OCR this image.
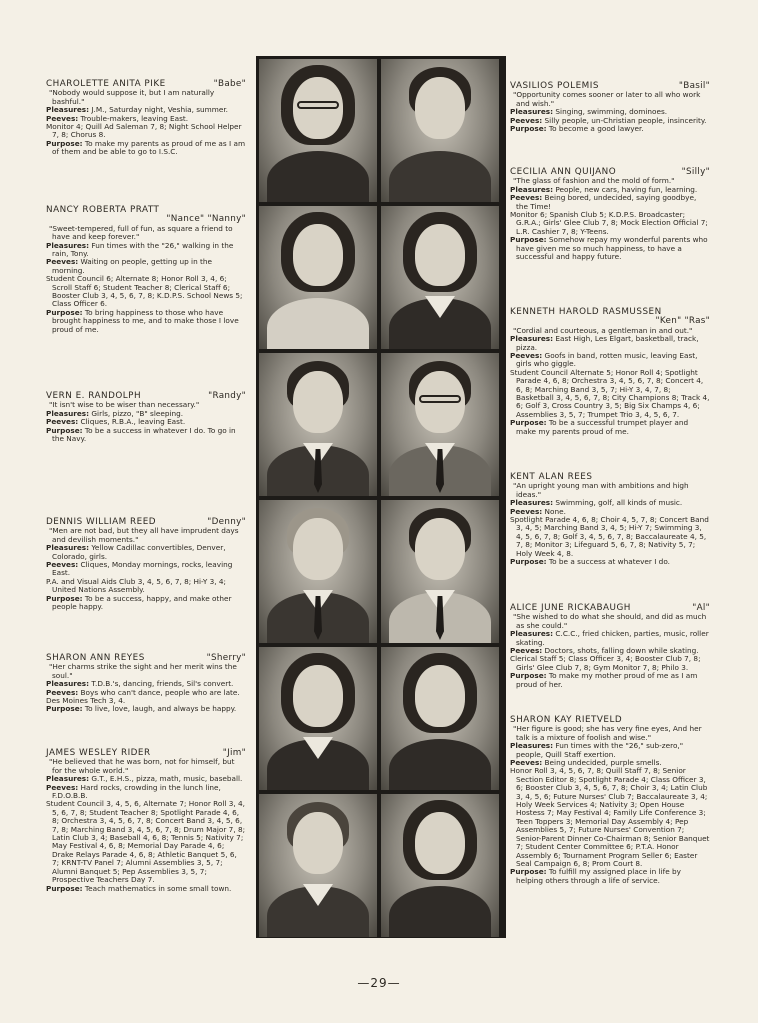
CHAROLETTE ANITA PIKE	"Babe"
"Nobody would suppose it, but I am naturally bashful."
Pleasures: J.M., Saturday night, Veshia, summer.
Peeves: Trouble-makers, leaving East.
Monitor 4; Quill Ad Saleman 7, 8; Night School Helper 7, 8; Chorus 8.
Purpose: To make my parents as proud of me as I am of them and be able to go to I.S.C.
NANCY ROBERTA PRATT
"Nance" "Nanny"
"Sweet-tempered, full of fun, as square a friend to have and keep forever."
Pleasures: Fun times with the "26," walking in the rain, Tony.
Peeves: Waiting on people, getting up in the morning.
Student Council 6; Alternate 8; Honor Roll 3, 4, 6; Scroll Staff 6; Student Teacher 8; Clerical Staff 6; Booster Club 3, 4, 5, 6, 7, 8; K.D.P.S. School News 5; Class Officer 6.
Purpose: To bring happiness to those who have brought happiness to me, and to make those I love proud of me.
VERN E. RANDOLPH	"Randy"
"It isn't wise to be wiser than necessary."
Pleasures: Girls, pizzo, "B" sleeping.
Peeves: Cliques, R.B.A., leaving East.
Purpose: To be a success in whatever I do. To go in the Navy.
DENNIS WILLIAM REED	"Denny"
"Men are not bad, but they all have imprudent days and devilish moments."
Pleasures: Yellow Cadillac convertibles, Denver, Colorado, girls.
Peeves: Cliques, Monday mornings, rocks, leaving East.
P.A. and Visual Aids Club 3, 4, 5, 6, 7, 8; Hi-Y 3, 4; United Nations Assembly.
Purpose: To be a success, happy, and make other people happy.
SHARON ANN REYES	"Sherry"
"Her charms strike the sight and her merit wins the soul."
Pleasures: T.D.B.'s, dancing, friends, Sil's convert.
Peeves: Boys who can't dance, people who are late.
Des Moines Tech 3, 4.
Purpose: To live, love, laugh, and always be happy.
JAMES WESLEY RIDER	"Jim"
"He believed that he was born, not for himself, but for the whole world."
Pleasures: G.T., E.H.S., pizza, math, music, baseball.
Peeves: Hard rocks, crowding in the lunch line, F.D.O.B.B.
Student Council 3, 4, 5, 6, Alternate 7; Honor Roll 3, 4, 5, 6, 7, 8; Student Teacher 8; Spotlight Parade 4, 6, 8; Orchestra 3, 4, 5, 6, 7, 8; Concert Band 3, 4, 5, 6, 7, 8; Marching Band 3, 4, 5, 6, 7, 8; Drum Major 7, 8; Latin Club 3, 4; Baseball 4, 6, 8; Tennis 5; Nativity 7; May Festival 4, 6, 8; Memorial Day Parade 4, 6; Drake Relays Parade 4, 6, 8; Athletic Banquet 5, 6, 7; KRNT-TV Panel 7; Alumni Assemblies 3, 5, 7; Alumni Banquet 5; Pep Assemblies 3, 5, 7; Prospective Teachers Day 7.
Purpose: Teach mathematics in some small town.
VASILIOS POLEMIS	"Basil"
"Opportunity comes sooner or later to all who work and wish."
Pleasures: Singing, swimming, dominoes.
Peeves: Silly people, un-Christian people, insincerity.
Purpose: To become a good lawyer.
CECILIA ANN QUIJANO	"Silly"
"The glass of fashion and the mold of form."
Pleasures: People, new cars, having fun, learning.
Peeves: Being bored, undecided, saying goodbye, the Time!
Monitor 6; Spanish Club 5; K.D.P.S. Broadcaster; G.R.A.; Girls' Glee Club 7, 8; Mock Election Official 7; L.R. Cashier 7, 8; Y-Teens.
Purpose: Somehow repay my wonderful parents who have given me so much happiness, to have a successful and happy future.
KENNETH HAROLD RASMUSSEN
"Ken" "Ras"
"Cordial and courteous, a gentleman in and out."
Pleasures: East High, Les Elgart, basketball, track, pizza.
Peeves: Goofs in band, rotten music, leaving East, girls who giggle.
Student Council Alternate 5; Honor Roll 4; Spotlight Parade 4, 6, 8; Orchestra 3, 4, 5, 6, 7, 8; Concert 4, 6, 8; Marching Band 3, 5, 7; Hi-Y 3, 4, 7, 8; Basketball 3, 4, 5, 6, 7, 8; City Champions 8; Track 4, 6; Golf 3, Cross Country 3, 5; Big Six Champs 4, 6; Assemblies 3, 5, 7; Trumpet Trio 3, 4, 5, 6, 7.
Purpose: To be a successful trumpet player and make my parents proud of me.
KENT ALAN REES
"An upright young man with ambitions and high ideas."
Pleasures: Swimming, golf, all kinds of music.
Peeves: None.
Spotlight Parade 4, 6, 8; Choir 4, 5, 7, 8; Concert Band 3, 4, 5; Marching Band 3, 4, 5; Hi-Y 7; Swimming 3, 4, 5, 6, 7, 8; Golf 3, 4, 5, 6, 7, 8; Baccalaureate 4, 5, 7, 8; Monitor 3; Lifeguard 5, 6, 7, 8; Nativity 5, 7; Holy Week 4, 8.
Purpose: To be a success at whatever I do.
ALICE JUNE RICKABAUGH	"Al"
"She wished to do what she should, and did as much as she could."
Pleasures: C.C.C., fried chicken, parties, music, roller skating.
Peeves: Doctors, shots, falling down while skating.
Clerical Staff 5; Class Officer 3, 4; Booster Club 7, 8; Girls' Glee Club 7, 8; Gym Monitor 7, 8; Philo 3.
Purpose: To make my mother proud of me as I am proud of her.
SHARON KAY RIETVELD
"Her figure is good; she has very fine eyes, And her talk is a mixture of foolish and wise."
Pleasures: Fun times with the "26," sub-zero," people, Quill Staff exertion.
Peeves: Being undecided, purple smells.
Honor Roll 3, 4, 5, 6, 7, 8; Quill Staff 7, 8; Senior Section Editor 8; Spotlight Parade 4; Class Officer 3, 6; Booster Club 3, 4, 5, 6, 7, 8; Choir 3, 4; Latin Club 3, 4, 5, 6; Future Nurses' Club 7; Baccalaureate 3, 4; Holy Week Services 4; Nativity 3; Open House Hostess 7; May Festival 4; Family Life Conference 3; Teen Toppers 3; Memorial Day Assembly 4; Pep Assemblies 5, 7; Future Nurses' Convention 7; Senior-Parent Dinner Co-Chairman 8; Senior Banquet 7; Student Center Committee 6; P.T.A. Honor Assembly 6; Tournament Program Seller 6; Easter Seal Campaign 6, 8; Prom Court 8.
Purpose: To fulfill my assigned place in life by helping others through a life of service.
—29—
